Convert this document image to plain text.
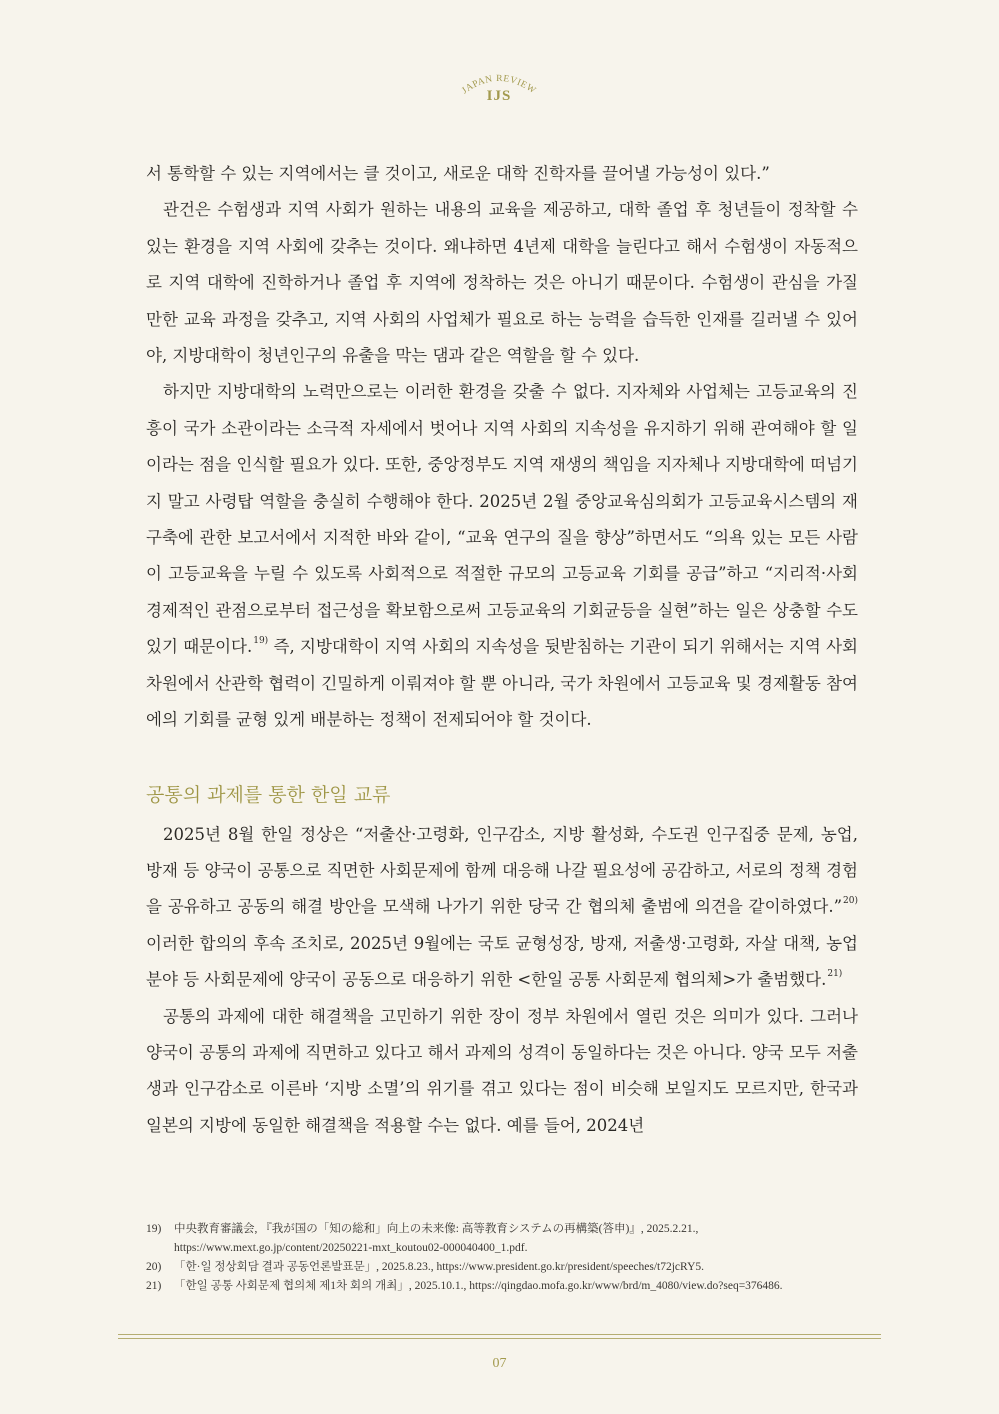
JAPAN REVIEW
IJS

서 통학할 수 있는 지역에서는 클 것이고, 새로운 대학 진학자를 끌어낼 가능성이 있다.”

관건은 수험생과 지역 사회가 원하는 내용의 교육을 제공하고, 대학 졸업 후 청년들이 정착할 수 있는 환경을 지역 사회에 갖추는 것이다. 왜냐하면 4년제 대학을 늘린다고 해서 수험생이 자동적으로 지역 대학에 진학하거나 졸업 후 지역에 정착하는 것은 아니기 때문이다. 수험생이 관심을 가질 만한 교육 과정을 갖추고, 지역 사회의 사업체가 필요로 하는 능력을 습득한 인재를 길러낼 수 있어야, 지방대학이 청년인구의 유출을 막는 댐과 같은 역할을 할 수 있다.

하지만 지방대학의 노력만으로는 이러한 환경을 갖출 수 없다. 지자체와 사업체는 고등교육의 진흥이 국가 소관이라는 소극적 자세에서 벗어나 지역 사회의 지속성을 유지하기 위해 관여해야 할 일이라는 점을 인식할 필요가 있다. 또한, 중앙정부도 지역 재생의 책임을 지자체나 지방대학에 떠넘기지 말고 사령탑 역할을 충실히 수행해야 한다. 2025년 2월 중앙교육심의회가 고등교육시스템의 재구축에 관한 보고서에서 지적한 바와 같이, “교육 연구의 질을 향상”하면서도 “의욕 있는 모든 사람이 고등교육을 누릴 수 있도록 사회적으로 적절한 규모의 고등교육 기회를 공급”하고 “지리적·사회경제적인 관점으로부터 접근성을 확보함으로써 고등교육의 기회균등을 실현”하는 일은 상충할 수도 있기 때문이다.$^{19)}$ 즉, 지방대학이 지역 사회의 지속성을 뒷받침하는 기관이 되기 위해서는 지역 사회 차원에서 산관학 협력이 긴밀하게 이뤄져야 할 뿐 아니라, 국가 차원에서 고등교육 및 경제활동 참여에의 기회를 균형 있게 배분하는 정책이 전제되어야 할 것이다.

공통의 과제를 통한 한일 교류

2025년 8월 한일 정상은 “저출산·고령화, 인구감소, 지방 활성화, 수도권 인구집중 문제, 농업, 방재 등 양국이 공통으로 직면한 사회문제에 함께 대응해 나갈 필요성에 공감하고, 서로의 정책 경험을 공유하고 공동의 해결 방안을 모색해 나가기 위한 당국 간 협의체 출범에 의견을 같이하였다.”$^{20)}$ 이러한 합의의 후속 조치로, 2025년 9월에는 국토 균형성장, 방재, 저출생·고령화, 자살 대책, 농업 분야 등 사회문제에 양국이 공동으로 대응하기 위한 <한일 공통 사회문제 협의체>가 출범했다.$^{21)}$

공통의 과제에 대한 해결책을 고민하기 위한 장이 정부 차원에서 열린 것은 의미가 있다. 그러나 양국이 공통의 과제에 직면하고 있다고 해서 과제의 성격이 동일하다는 것은 아니다. 양국 모두 저출생과 인구감소로 이른바 ‘지방 소멸’의 위기를 겪고 있다는 점이 비슷해 보일지도 모르지만, 한국과 일본의 지방에 동일한 해결책을 적용할 수는 없다. 예를 들어, 2024년

19)	中央教育審議会, 『我が国の「知の総和」向上の未来像: 高等教育システムの再構築(答申)』, 2025.2.21., https://www.mext.go.jp/content/20250221-mxt_koutou02-000040400_1.pdf.
20)	「한·일 정상회담 결과 공동언론발표문」, 2025.8.23., https://www.president.go.kr/president/speeches/t72jcRY5.
21)	「한일 공통 사회문제 협의체 제1차 회의 개최」, 2025.10.1., https://qingdao.mofa.go.kr/www/brd/m_4080/view.do?seq=376486.
07
